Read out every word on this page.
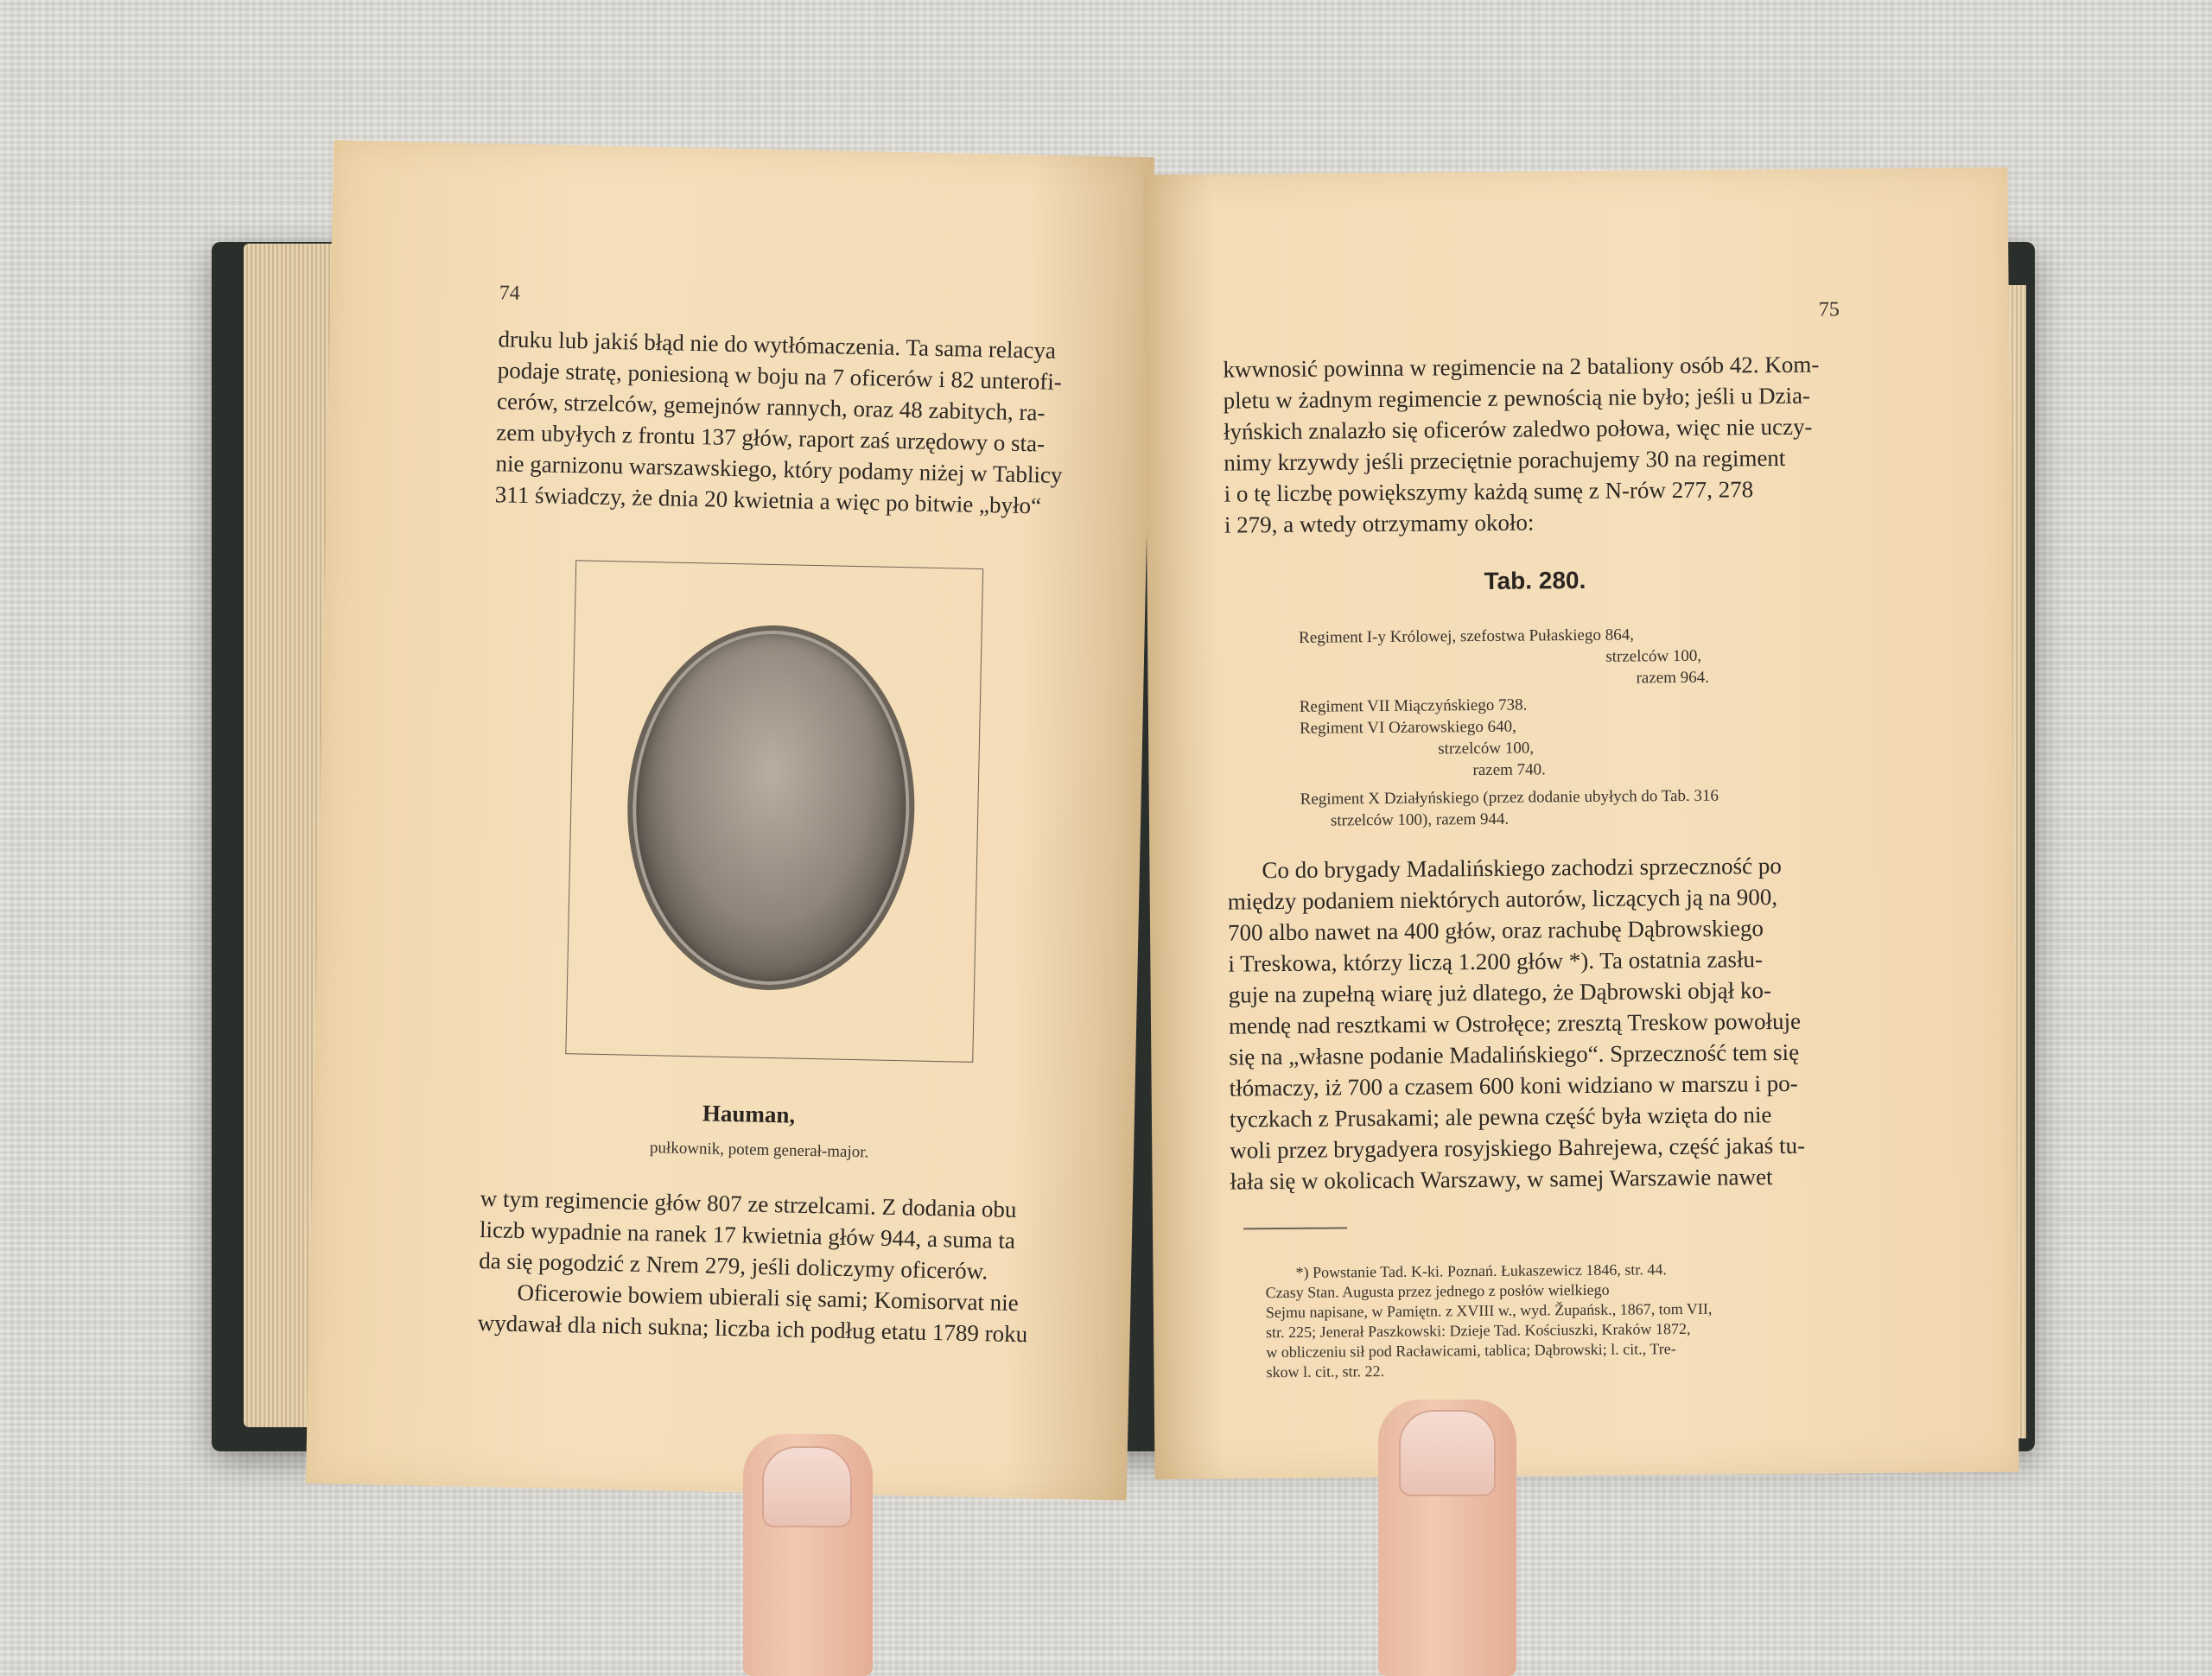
74
druku lub jakiś błąd nie do wytłómaczenia. Ta sama relacya
podaje stratę, poniesioną w boju na 7 oficerów i 82 unterofi-
cerów, strzelców, gemejnów rannych, oraz 48 zabitych, ra-
zem ubyłych z frontu 137 głów, raport zaś urzędowy o sta-
nie garnizonu warszawskiego, który podamy niżej w Tablicy
311 świadczy, że dnia 20 kwietnia a więc po bitwie „było“
Hauman,
pułkownik, potem generał-major.
w tym regimencie głów 807 ze strzelcami. Z dodania obu
liczb wypadnie na ranek 17 kwietnia głów 944, a suma ta
da się pogodzić z Nrem 279, jeśli doliczymy oficerów.
Oficerowie bowiem ubierali się sami; Komisorvat nie
wydawał dla nich sukna; liczba ich podług etatu 1789 roku
75
kwwnosić powinna w regimencie na 2 bataliony osób 42. Kom-
pletu w żadnym regimencie z pewnością nie było; jeśli u Dzia-
łyńskich znalazło się oficerów zaledwo połowa, więc nie uczy-
nimy krzywdy jeśli przeciętnie porachujemy 30 na regiment
i o tę liczbę powiększymy każdą sumę z N-rów 277, 278
i 279, a wtedy otrzymamy około:
Tab. 280.
Regiment I-y Królowej, szefostwa Pułaskiego 864,
strzelców 100,
razem 964.
Regiment VII Miączyńskiego 738.
Regiment VI Ożarowskiego 640,
strzelców 100,
razem 740.
Regiment X Działyńskiego (przez dodanie ubyłych do Tab. 316
strzelców 100), razem 944.
Co do brygady Madalińskiego zachodzi sprzeczność po
między podaniem niektórych autorów, liczących ją na 900,
700 albo nawet na 400 głów, oraz rachubę Dąbrowskiego
i Treskowa, którzy liczą 1.200 głów *). Ta ostatnia zasłu-
guje na zupełną wiarę już dlatego, że Dąbrowski objął ko-
mendę nad resztkami w Ostrołęce; zresztą Treskow powołuje
się na „własne podanie Madalińskiego“. Sprzeczność tem się
tłómaczy, iż 700 a czasem 600 koni widziano w marszu i po-
tyczkach z Prusakami; ale pewna część była wzięta do nie
woli przez brygadyera rosyjskiego Bahrejewa, część jakaś tu-
łała się w okolicach Warszawy, w samej Warszawie nawet
*) Powstanie Tad. K-ki. Poznań. Łukaszewicz 1846, str. 44.
Czasy Stan. Augusta przez jednego z posłów wielkiego
Sejmu napisane, w Pamiętn. z XVIII w., wyd. Župańsk., 1867, tom VII,
str. 225; Jenerał Paszkowski: Dzieje Tad. Kościuszki, Kraków 1872,
w obliczeniu sił pod Racławicami, tablica; Dąbrowski; l. cit., Tre-
skow l. cit., str. 22.
